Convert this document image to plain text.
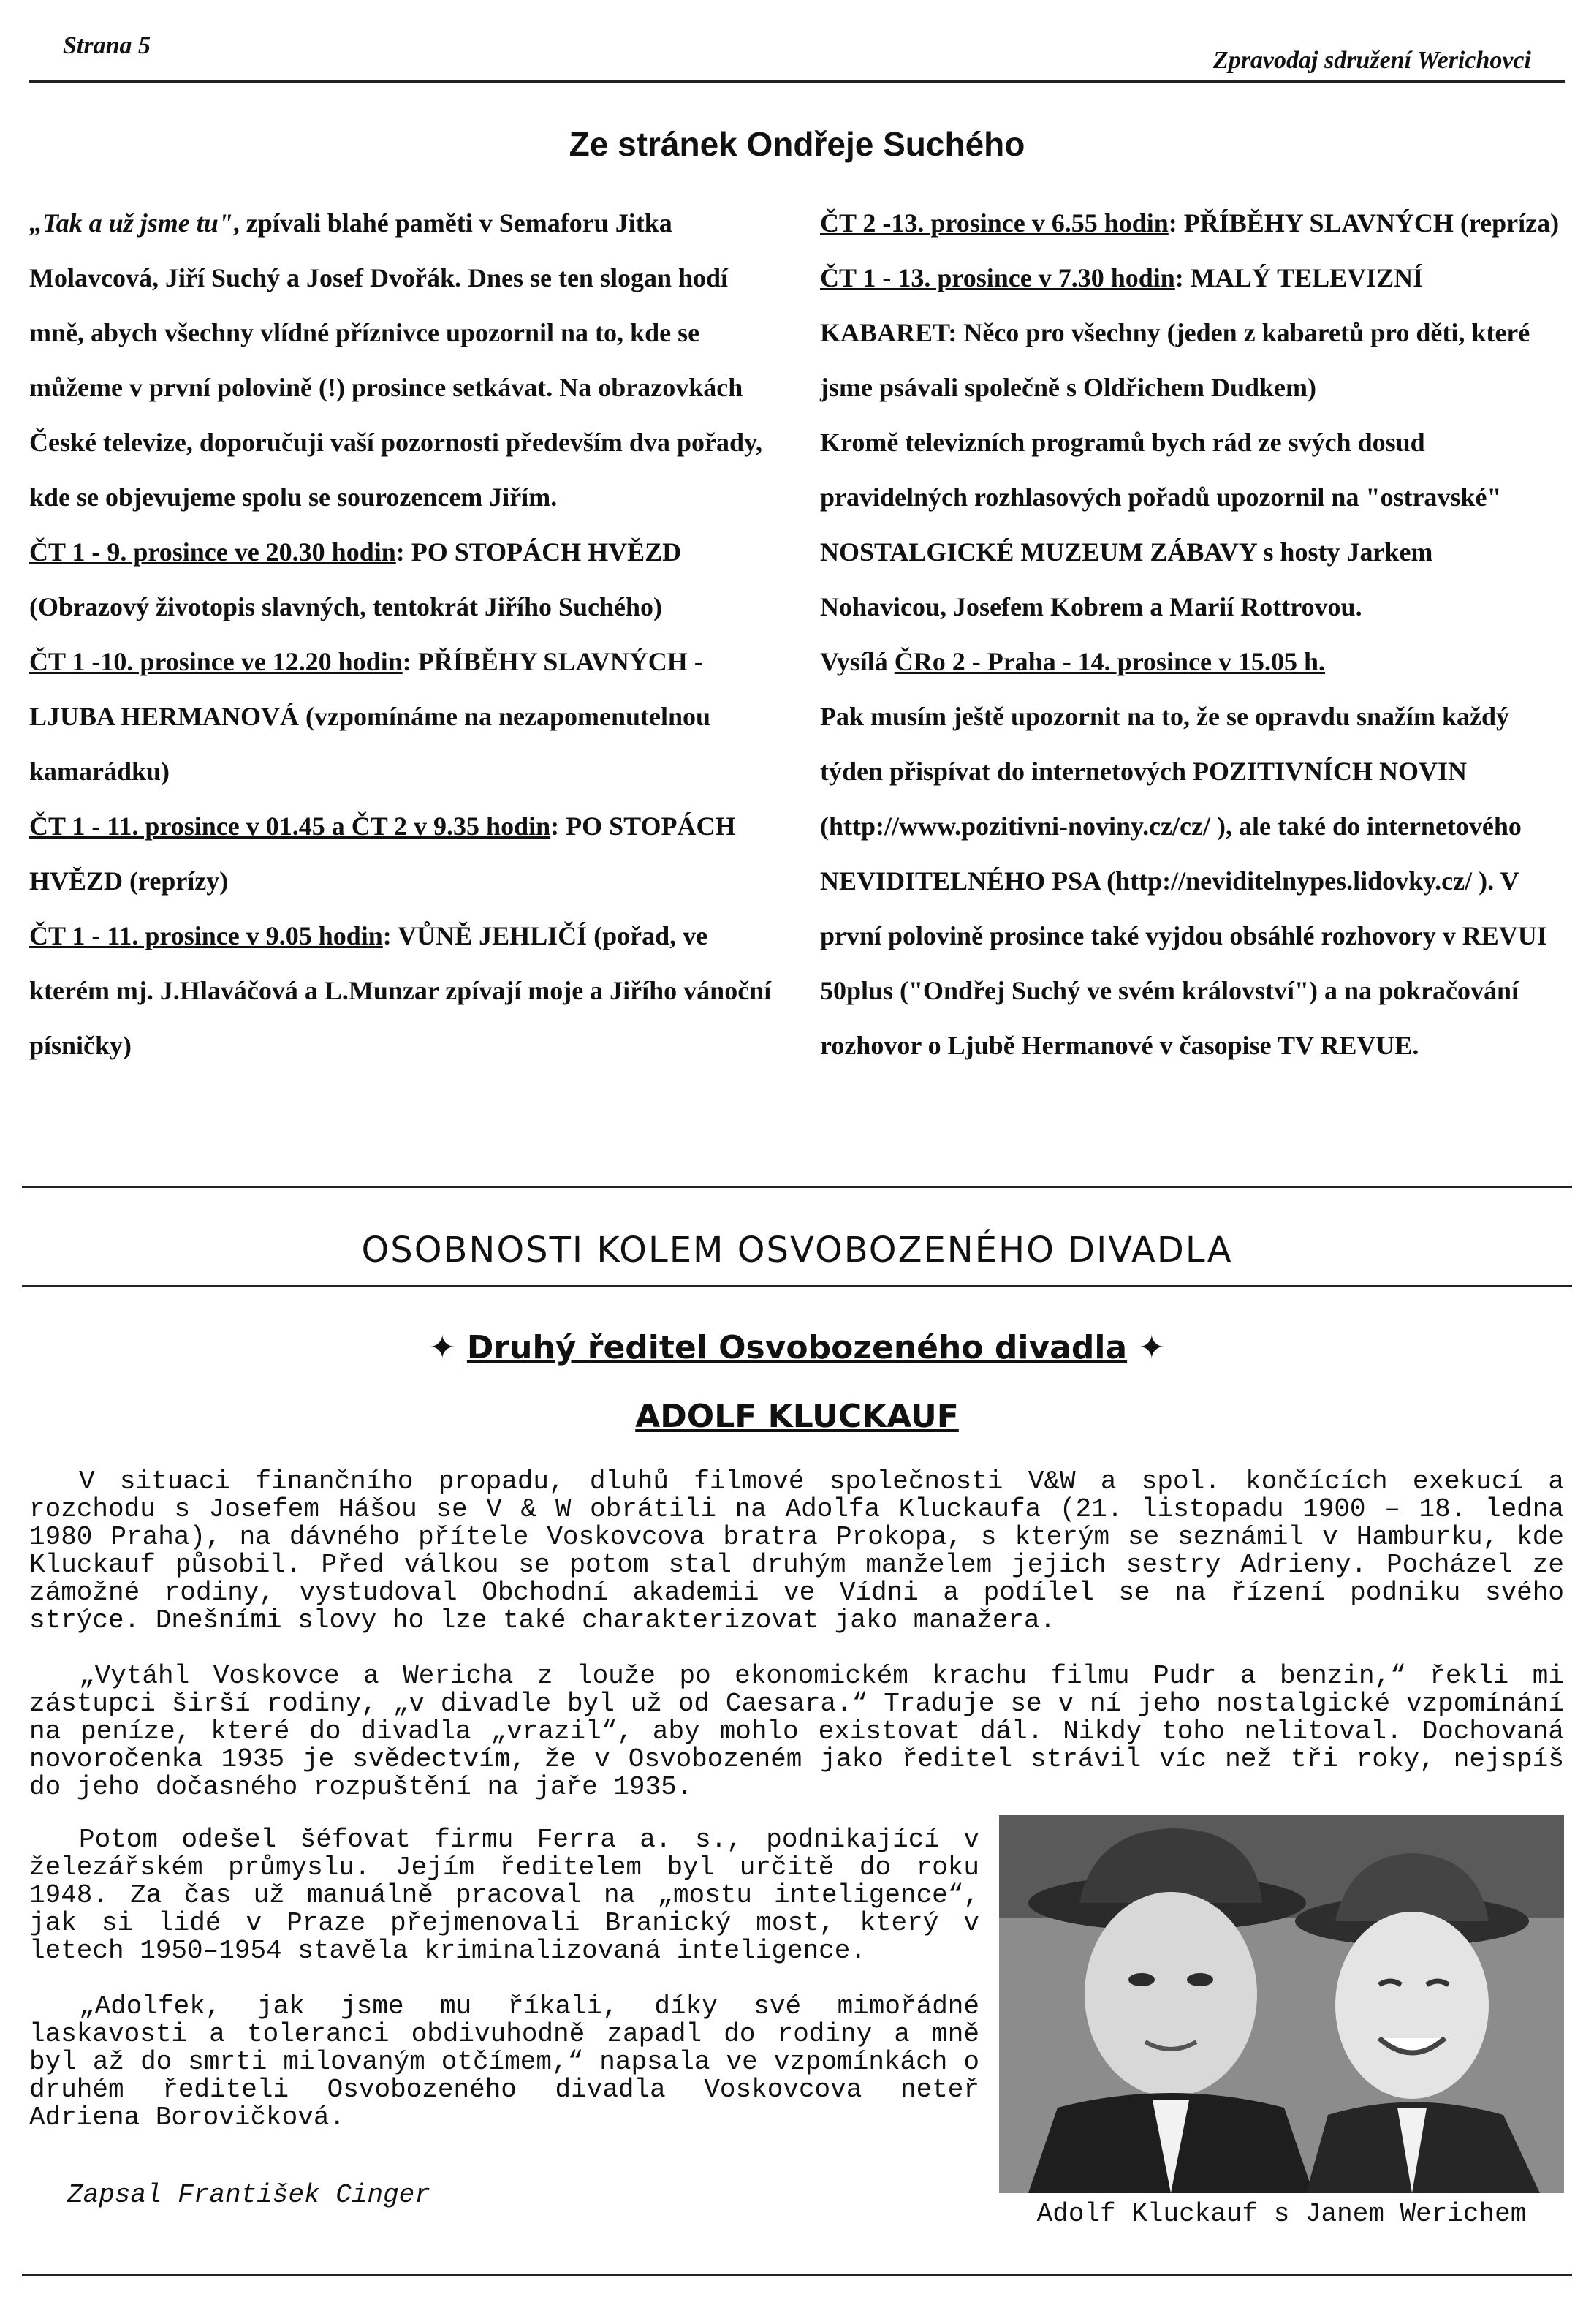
Strana 5
Zpravodaj sdružení Werichovci
Ze stránek Ondřeje Suchého

„Tak a už jsme tu", zpívali blahé paměti v Semaforu Jitka Molavcová, Jiří Suchý a Josef Dvořák. Dnes se ten slogan hodí mně, abych všechny vlídné příznivce upozornil na to, kde se můžeme v první polovině (!) prosince setkávat. Na obrazovkách České televize, doporučuji vaší pozornosti především dva pořady, kde se objevujeme spolu se sourozencem Jiřím.

ČT 1 - 9. prosince ve 20.30 hodin: PO STOPÁCH HVĚZD (Obrazový životopis slavných, tentokrát Jiřího Suchého)

ČT 1 -10. prosince ve 12.20 hodin: PŘÍBĚHY SLAVNÝCH - LJUBA HERMANOVÁ (vzpomínáme na nezapomenutelnou kamarádku)

ČT 1 - 11. prosince v 01.45 a ČT 2 v 9.35 hodin: PO STOPÁCH HVĚZD (reprízy)

ČT 1 - 11. prosince v 9.05 hodin: VŮNĚ JEHLIČÍ (pořad, ve kterém mj. J.Hlaváčová a L.Munzar zpívají moje a Jiřího vánoční písničky)

ČT 2 -13. prosince v 6.55 hodin: PŘÍBĚHY SLAVNÝCH (repríza)

ČT 1 - 13. prosince v 7.30 hodin: MALÝ TELEVIZNÍ KABARET: Něco pro všechny (jeden z kabaretů pro děti, které jsme psávali společně s Oldřichem Dudkem)

Kromě televizních programů bych rád ze svých dosud pravidelných rozhlasových pořadů upozornil na "ostravské" NOSTALGICKÉ MUZEUM ZÁBAVY s hosty Jarkem Nohavicou, Josefem Kobrem a Marií Rottrovou.

Vysílá ČRo 2 - Praha - 14. prosince v 15.05 h.

Pak musím ještě upozornit na to, že se opravdu snažím každý týden přispívat do internetových POZITIVNÍCH NOVIN (http://www.pozitivni-noviny.cz/cz/ ), ale také do internetového NEVIDITELNÉHO PSA (http://neviditelnypes.lidovky.cz/ ). V první polovině prosince také vyjdou obsáhlé rozhovory v REVUI 50plus ("Ondřej Suchý ve svém království") a na pokračování rozhovor o Ljubě Hermanové v časopise TV REVUE.

OSOBNOSTI KOLEM OSVOBOZENÉHO DIVADLA
✦ Druhý ředitel Osvobozeného divadla ✦
ADOLF KLUCKAUF

V situaci finančního propadu, dluhů filmové společnosti V&W a spol. končících exekucí a rozchodu s Josefem Hášou se V & W obrátili na Adolfa Kluckaufa (21. listopadu 1900 – 18. ledna 1980 Praha), na dávného přítele Voskovcova bratra Prokopa, s kterým se seznámil v Hamburku, kde Kluckauf působil. Před válkou se potom stal druhým manželem jejich sestry Adrieny. Pocházel ze zámožné rodiny, vystudoval Obchodní akademii ve Vídni a podílel se na řízení podniku svého strýce. Dnešními slovy ho lze také charakterizovat jako manažera.

„Vytáhl Voskovce a Wericha z louže po ekonomickém krachu filmu Pudr a benzin,“ řekli mi zástupci širší rodiny, „v divadle byl už od Caesara.“ Traduje se v ní jeho nostalgické vzpomínání na peníze, které do divadla „vrazil“, aby mohlo existovat dál. Nikdy toho nelitoval. Dochovaná novoročenka 1935 je svědectvím, že v Osvobozeném jako ředitel strávil víc než tři roky, nejspíš do jeho dočasného rozpuštění na jaře 1935.

Potom odešel šéfovat firmu Ferra a. s., podnikající v železářském průmyslu. Jejím ředitelem byl určitě do roku 1948. Za čas už manuálně pracoval na „mostu inteligence“, jak si lidé v Praze přejmenovali Branický most, který v letech 1950–1954 stavěla kriminalizovaná inteligence.

„Adolfek, jak jsme mu říkali, díky své mimořádné laskavosti a toleranci obdivuhodně zapadl do rodiny a mně byl až do smrti milovaným otčímem,“ napsala ve vzpomínkách o druhém řediteli Osvobozeného divadla Voskovcova neteř Adriena Borovičková.

Adolf Kluckauf s Janem Werichem
Zapsal František Cinger
